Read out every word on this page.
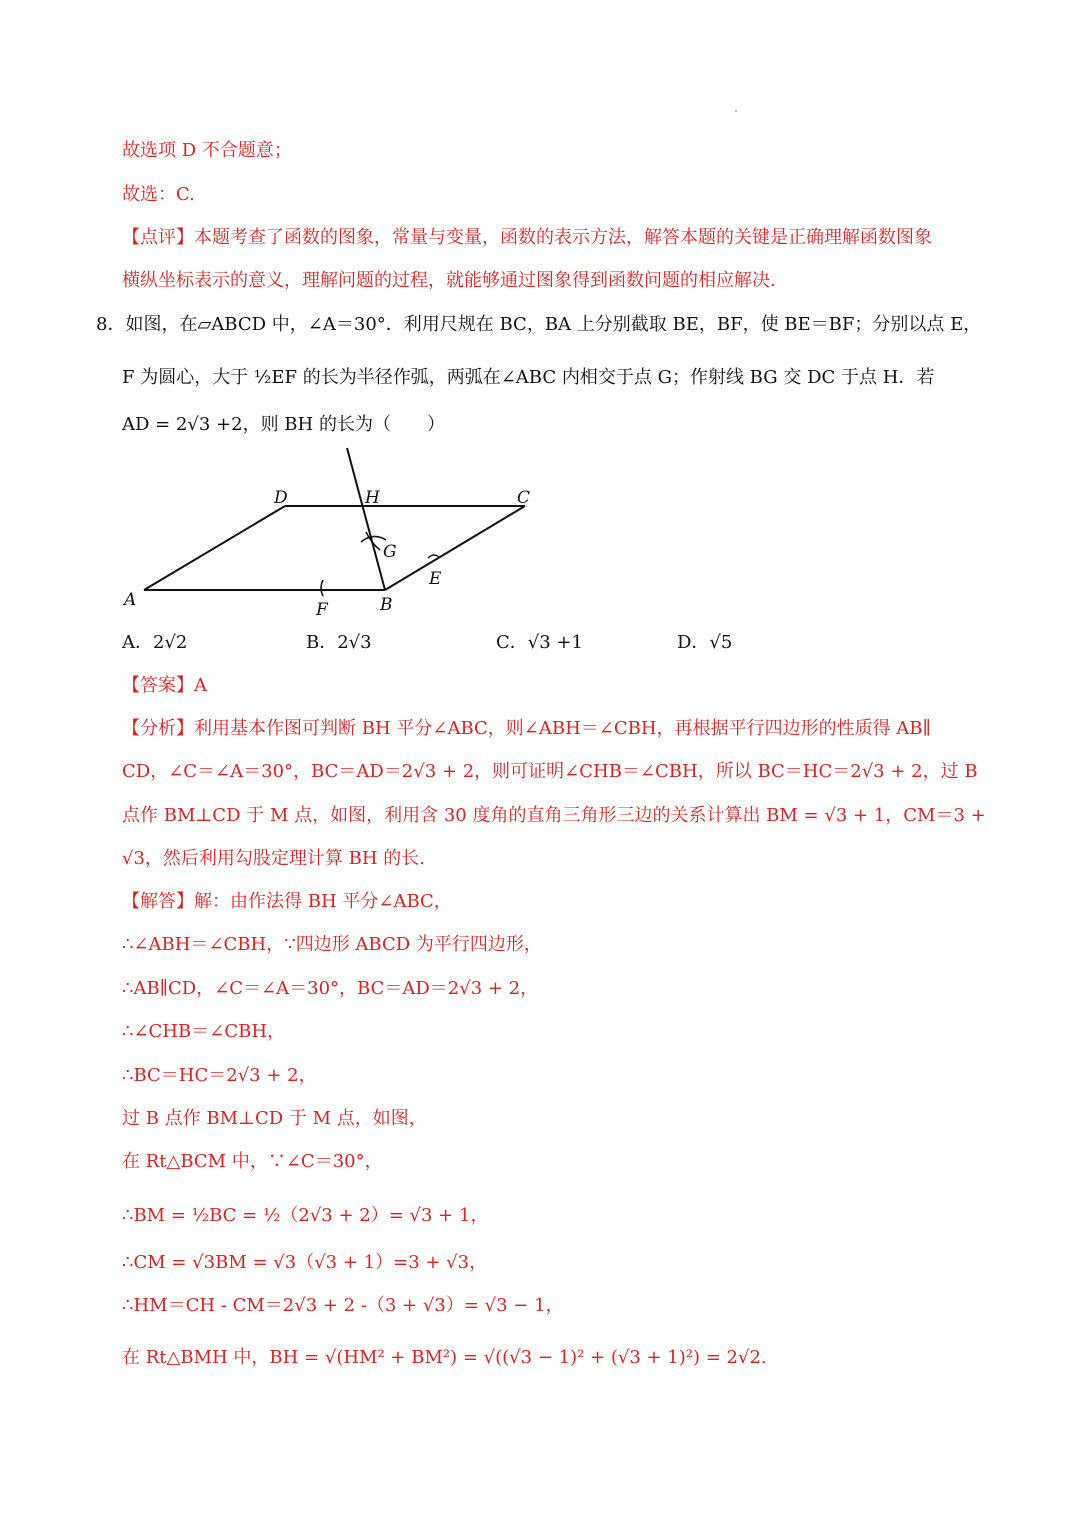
故选项 D 不合题意；
故选：C.
【点评】本题考查了函数的图象，常量与变量，函数的表示方法，解答本题的关键是正确理解函数图象
横纵坐标表示的意义，理解问题的过程，就能够通过图象得到函数问题的相应解决.
8．如图，在▱ABCD 中，∠A＝30°．利用尺规在 BC，BA 上分别截取 BE，BF，使 BE＝BF；分别以点 E，
F 为圆心，大于 ½EF 的长为半径作弧，两弧在∠ABC 内相交于点 G；作射线 BG 交 DC 于点 H．若
AD = 2√3 +2，则 BH 的长为（　　）
A	B
C
D	H
G
E
F
A．2√2	B．2√3	C．√3 +1	D．√5
【答案】A
【分析】利用基本作图可判断 BH 平分∠ABC，则∠ABH＝∠CBH，再根据平行四边形的性质得 AB∥
CD，∠C＝∠A＝30°，BC＝AD＝2√3 + 2，则可证明∠CHB＝∠CBH，所以 BC＝HC＝2√3 + 2，过 B
点作 BM⊥CD 于 M 点，如图，利用含 30 度角的直角三角形三边的关系计算出 BM = √3 + 1，CM＝3 +
√3，然后利用勾股定理计算 BH 的长.
【解答】解：由作法得 BH 平分∠ABC，
∴∠ABH＝∠CBH，∵四边形 ABCD 为平行四边形，
∴AB∥CD，∠C＝∠A＝30°，BC＝AD＝2√3 + 2，
∴∠CHB＝∠CBH，
∴BC＝HC＝2√3 + 2，
过 B 点作 BM⊥CD 于 M 点，如图，
在 Rt△BCM 中，∵∠C＝30°，
∴BM = ½BC = ½（2√3 + 2）= √3 + 1，
∴CM = √3BM = √3（√3 + 1）=3 + √3，
∴HM＝CH - CM＝2√3 + 2 -（3 + √3）= √3 − 1，
在 Rt△BMH 中，BH = √(HM² + BM²) = √((√3 − 1)² + (√3 + 1)²) = 2√2.
